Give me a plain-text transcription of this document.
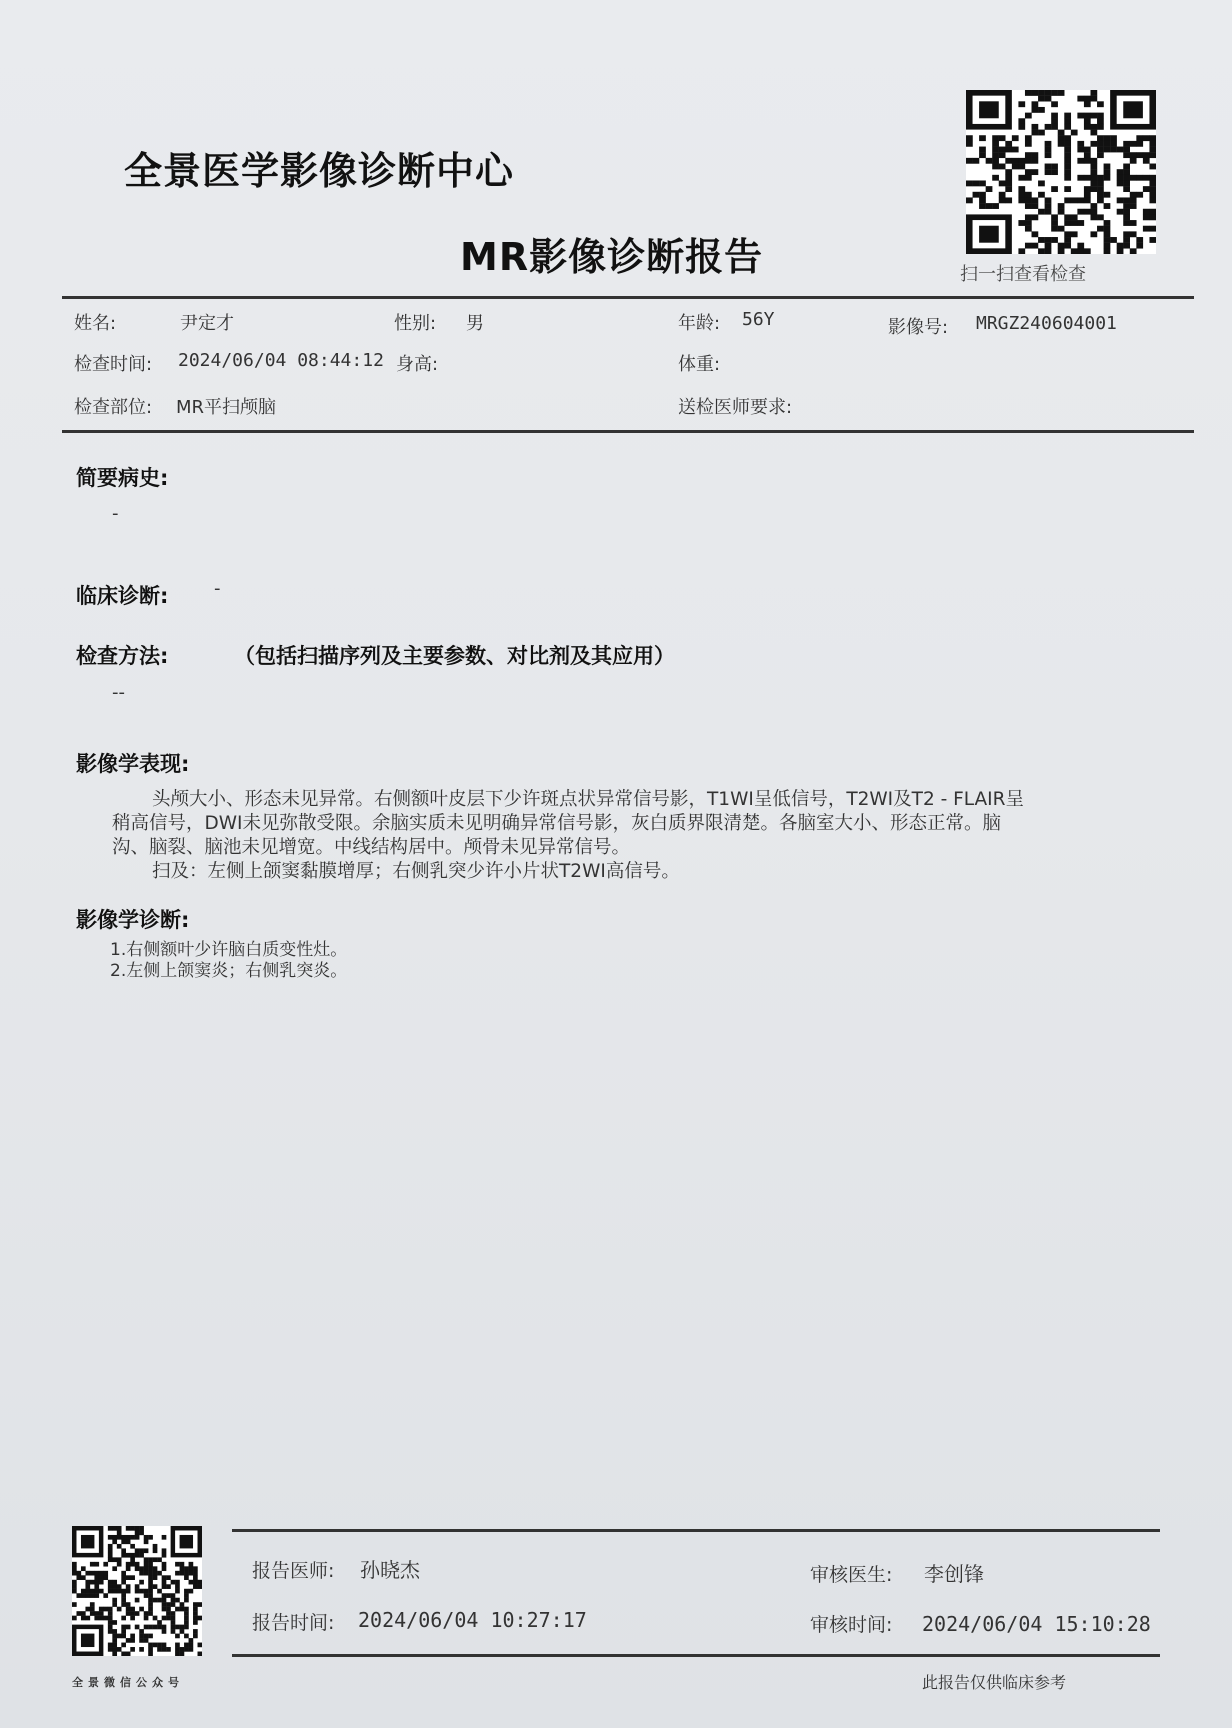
全景医学影像诊断中心
MR影像诊断报告	扫一扫查看检查
姓名:	尹定才	性别: 男	年龄: 56Y	影像号: MRGZ240604001
检查时间: 2024/06/04 08:44:12 身高:	体重:
检查部位: MR平扫颅脑	送检医师要求:
简要病史:
-
临床诊断:	-
检查方法:	（包括扫描序列及主要参数、对比剂及其应用）
--
影像学表现:
头颅大小、形态未见异常。右侧额叶皮层下少许斑点状异常信号影，T1WI呈低信号，T2WI及T2 - FLAIR呈
稍高信号，DWI未见弥散受限。余脑实质未见明确异常信号影，灰白质界限清楚。各脑室大小、形态正常。脑
沟、脑裂、脑池未见增宽。中线结构居中。颅骨未见异常信号。
扫及：左侧上颌窦黏膜增厚；右侧乳突少许小片状T2WI高信号。
影像学诊断:
1.右侧额叶少许脑白质变性灶。
2.左侧上颌窦炎；右侧乳突炎。
全景微信公众号
报告医师: 孙晓杰	审核医生: 李创锋
报告时间: 2024/06/04 10:27:17	审核时间: 2024/06/04 15:10:28
此报告仅供临床参考
